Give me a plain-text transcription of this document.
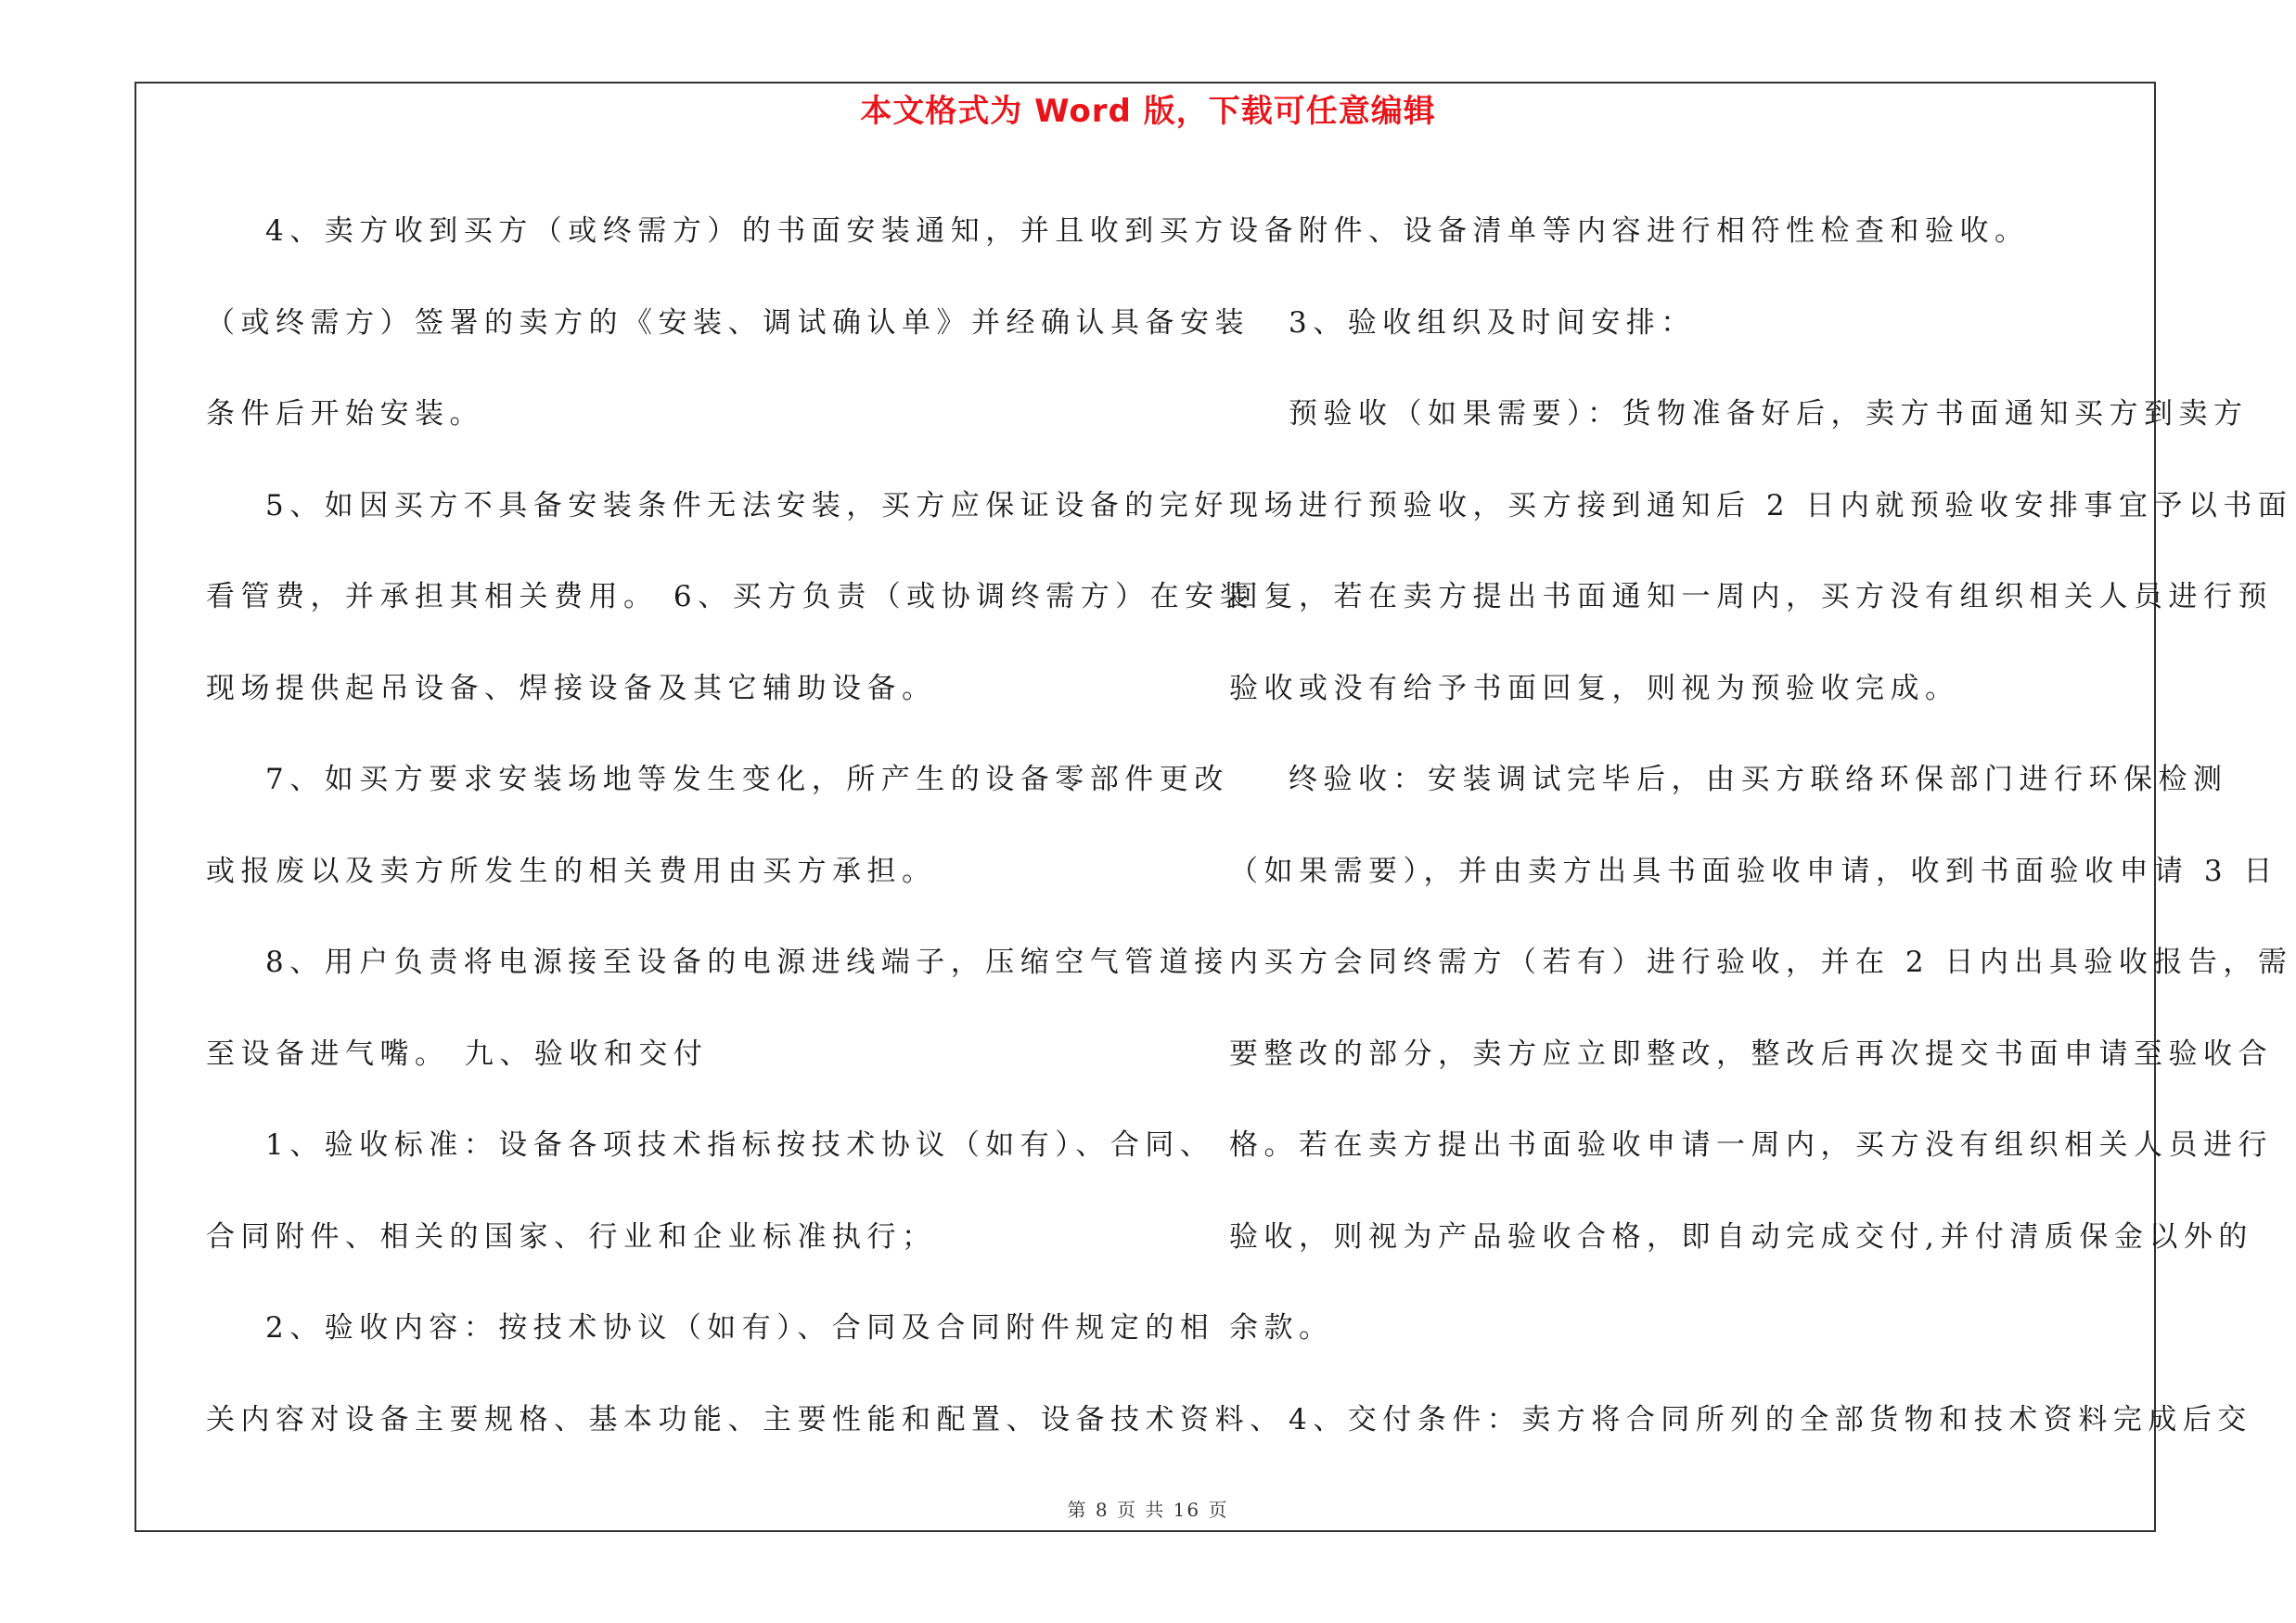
本文格式为 Word 版，下载可任意编辑
4、卖方收到买方（或终需方）的书面安装通知，并且收到买方
（或终需方）签署的卖方的《安装、调试确认单》并经确认具备安装
条件后开始安装。
5、如因买方不具备安装条件无法安装，买方应保证设备的完好
看管费，并承担其相关费用。 6、买方负责（或协调终需方）在安装
现场提供起吊设备、焊接设备及其它辅助设备。
7、如买方要求安装场地等发生变化，所产生的设备零部件更改
或报废以及卖方所发生的相关费用由买方承担。
8、用户负责将电源接至设备的电源进线端子，压缩空气管道接
至设备进气嘴。 九、验收和交付
1、验收标准：设备各项技术指标按技术协议（如有）、合同、
合同附件、相关的国家、行业和企业标准执行；
2、验收内容：按技术协议（如有）、合同及合同附件规定的相
关内容对设备主要规格、基本功能、主要性能和配置、设备技术资料、
设备附件、设备清单等内容进行相符性检查和验收。
3、验收组织及时间安排：
预验收（如果需要）：货物准备好后，卖方书面通知买方到卖方
现场进行预验收，买方接到通知后 2 日内就预验收安排事宜予以书面
回复，若在卖方提出书面通知一周内，买方没有组织相关人员进行预
验收或没有给予书面回复，则视为预验收完成。
终验收：安装调试完毕后，由买方联络环保部门进行环保检测
（如果需要），并由卖方出具书面验收申请，收到书面验收申请 3 日
内买方会同终需方（若有）进行验收，并在 2 日内出具验收报告，需
要整改的部分，卖方应立即整改，整改后再次提交书面申请至验收合
格。若在卖方提出书面验收申请一周内，买方没有组织相关人员进行
验收，则视为产品验收合格，即自动完成交付,并付清质保金以外的
余款。
4、交付条件：卖方将合同所列的全部货物和技术资料完成后交
第 8 页 共 16 页
